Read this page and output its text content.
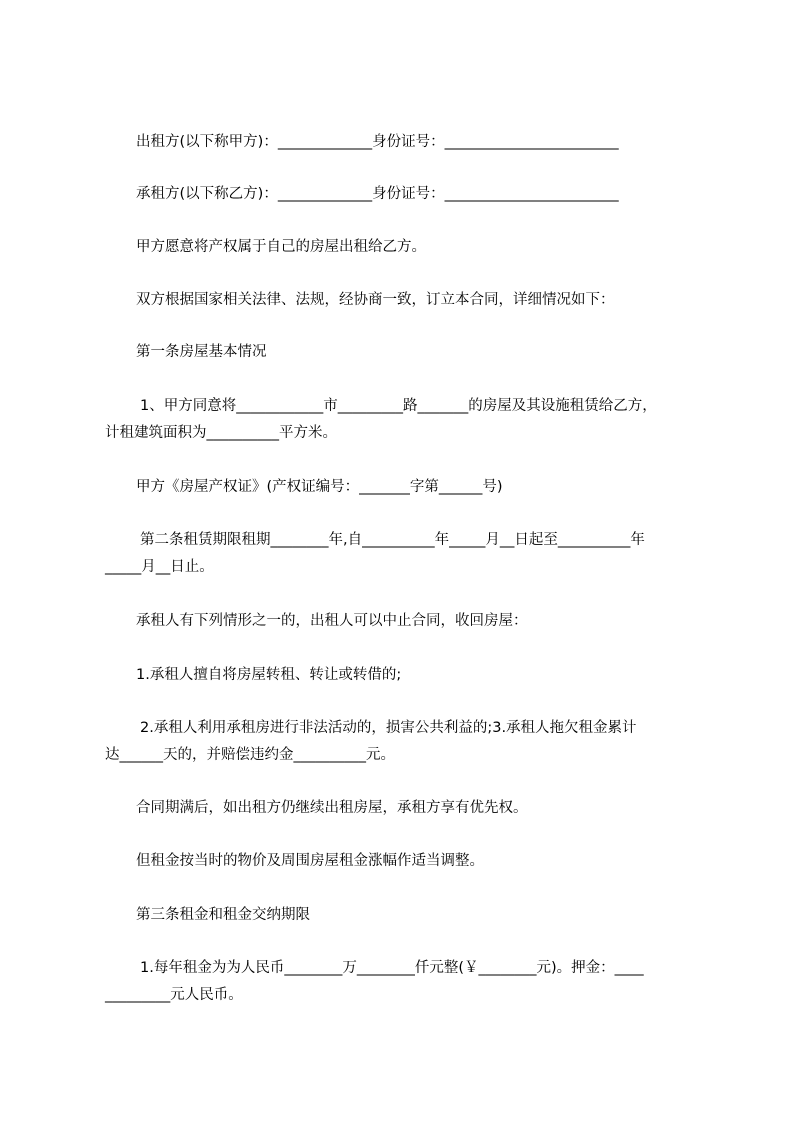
出租方(以下称甲方)：_____________身份证号：________________________
承租方(以下称乙方)：_____________身份证号：________________________
甲方愿意将产权属于自己的房屋出租给乙方。
双方根据国家相关法律、法规，经协商一致，订立本合同，详细情况如下：
第一条房屋基本情况
1、甲方同意将____________市_________路_______的房屋及其设施租赁给乙方，
计租建筑面积为__________平方米。
甲方《房屋产权证》(产权证编号：_______字第______号)
第二条租赁期限租期________年,自__________年_____月__日起至__________年
_____月__日止。
承租人有下列情形之一的，出租人可以中止合同，收回房屋：
1.承租人擅自将房屋转租、转让或转借的;
2.承租人利用承租房进行非法活动的，损害公共利益的;3.承租人拖欠租金累计
达______天的，并赔偿违约金__________元。
合同期满后，如出租方仍继续出租房屋，承租方享有优先权。
但租金按当时的物价及周围房屋租金涨幅作适当调整。
第三条租金和租金交纳期限
1.每年租金为为人民币________万________仟元整(￥________元)。押金：____
_________元人民币。
